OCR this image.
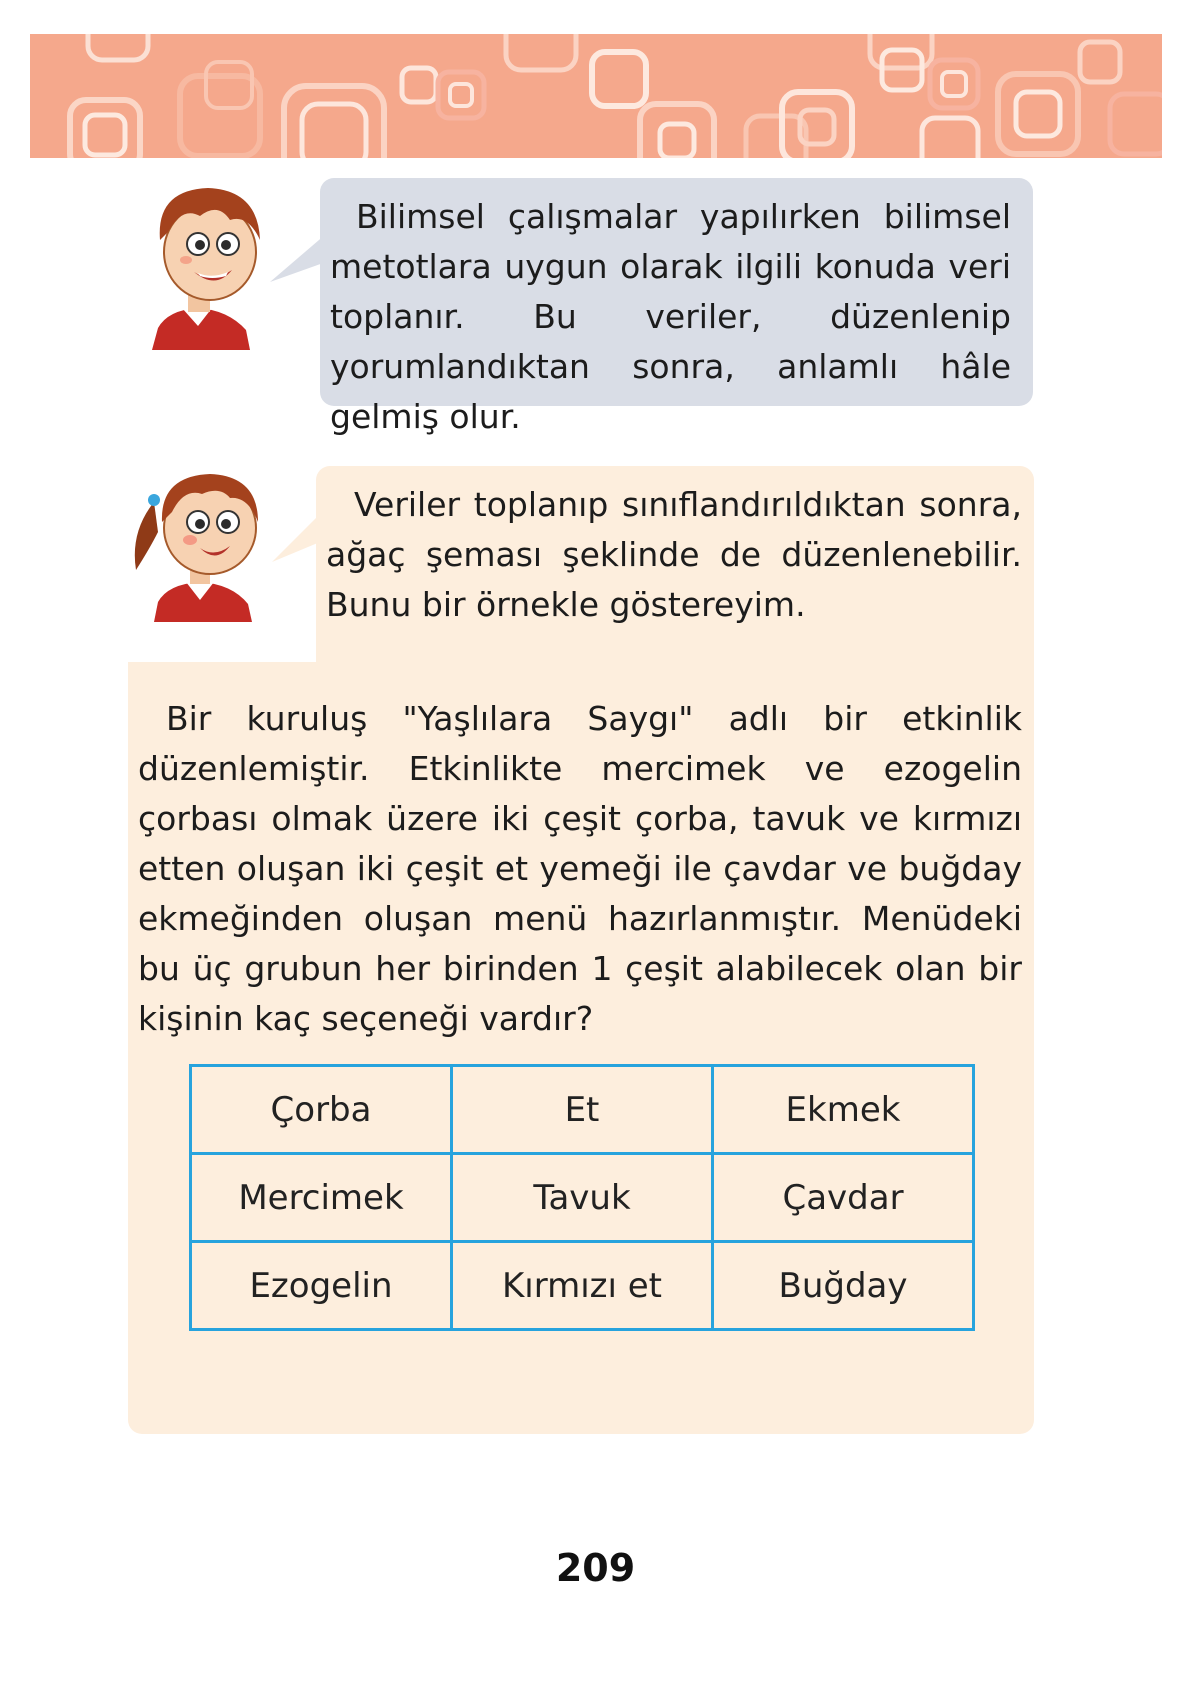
Bilimsel çalışmalar yapılırken bilimsel metotlara uygun olarak ilgili konuda veri toplanır. Bu veriler, düzenlenip yorumlandıktan sonra, anlamlı hâle gelmiş olur.
Veriler toplanıp sınıflandırıldıktan sonra, ağaç şeması şeklinde de düzenlenebilir. Bunu bir örnekle göstereyim.
Bir kuruluş "Yaşlılara Saygı" adlı bir etkinlik düzenlemiştir. Etkinlikte mercimek ve ezogelin çorbası olmak üzere iki çeşit çorba, tavuk ve kırmızı etten oluşan iki çeşit et yemeği ile çavdar ve buğday ekmeğinden oluşan menü hazırlanmıştır. Menüdeki bu üç grubun her birinden 1 çeşit alabilecek olan bir kişinin kaç seçeneği vardır?
Çorba	Et	Ekmek
Mercimek	Tavuk	Çavdar
Ezogelin	Kırmızı et	Buğday
209
